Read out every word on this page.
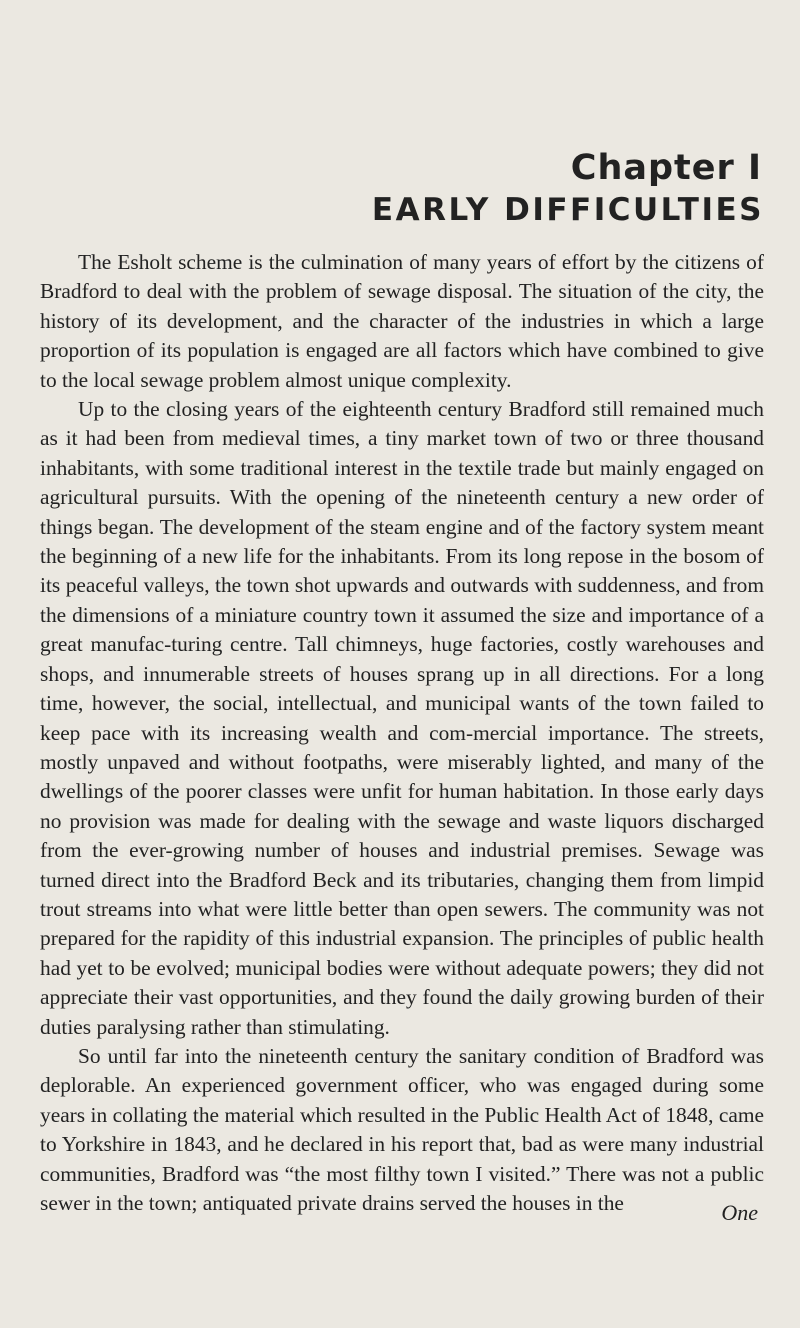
Chapter I
EARLY DIFFICULTIES

The Esholt scheme is the culmination of many years of effort by the citizens of Bradford to deal with the problem of sewage disposal. The situation of the city, the history of its development, and the character of the industries in which a large proportion of its population is engaged are all factors which have combined to give to the local sewage problem almost unique complexity.

Up to the closing years of the eighteenth century Bradford still remained much as it had been from medieval times, a tiny market town of two or three thousand inhabitants, with some traditional interest in the textile trade but mainly engaged on agricultural pursuits. With the opening of the nineteenth century a new order of things began. The development of the steam engine and of the factory system meant the beginning of a new life for the inhabitants. From its long repose in the bosom of its peaceful valleys, the town shot upwards and outwards with suddenness, and from the dimensions of a miniature country town it assumed the size and importance of a great manufac-turing centre. Tall chimneys, huge factories, costly warehouses and shops, and innumerable streets of houses sprang up in all directions. For a long time, however, the social, intellectual, and municipal wants of the town failed to keep pace with its increasing wealth and com-mercial importance. The streets, mostly unpaved and without footpaths, were miserably lighted, and many of the dwellings of the poorer classes were unfit for human habitation. In those early days no provision was made for dealing with the sewage and waste liquors discharged from the ever-growing number of houses and industrial premises. Sewage was turned direct into the Bradford Beck and its tributaries, changing them from limpid trout streams into what were little better than open sewers. The community was not prepared for the rapidity of this industrial expansion. The principles of public health had yet to be evolved; municipal bodies were without adequate powers; they did not appreciate their vast opportunities, and they found the daily growing burden of their duties paralysing rather than stimulating.

So until far into the nineteenth century the sanitary condition of Bradford was deplorable. An experienced government officer, who was engaged during some years in collating the material which resulted in the Public Health Act of 1848, came to Yorkshire in 1843, and he declared in his report that, bad as were many industrial communities, Bradford was “the most filthy town I visited.” There was not a public sewer in the town; antiquated private drains served the houses in the	One
